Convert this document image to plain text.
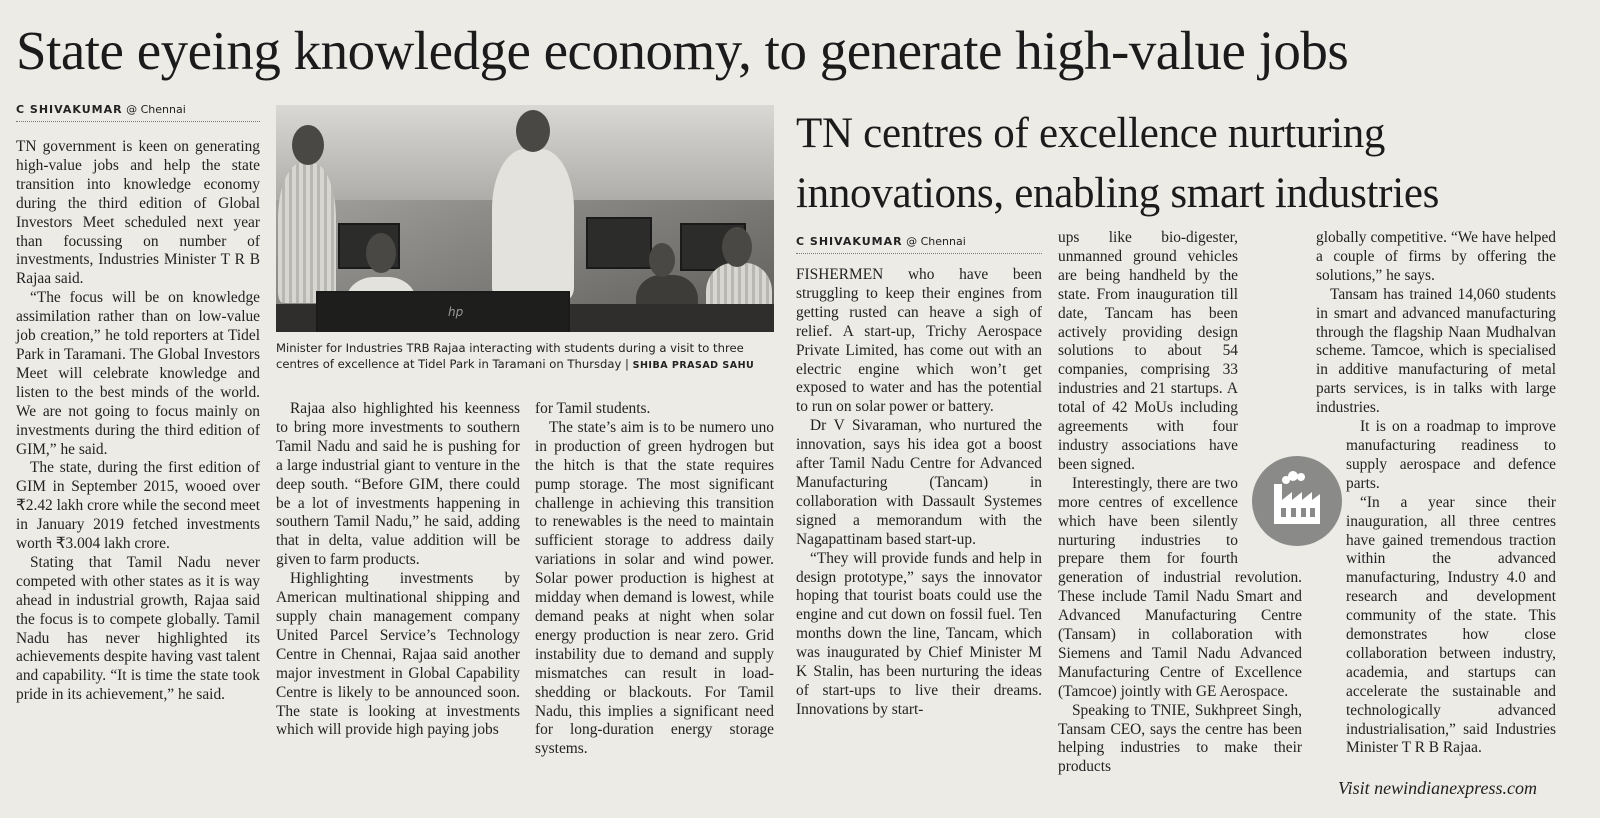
State eyeing knowledge economy, to generate high-value jobs
C SHIVAKUMAR @ Chennai

TN government is keen on generating high-value jobs and help the state transition into knowledge economy during the third edition of Global Investors Meet scheduled next year than focussing on number of investments, Industries Minister T R B Rajaa said.

“The focus will be on knowledge assimilation rather than on low-value job creation,” he told reporters at Tidel Park in Taramani. The Global Investors Meet will celebrate knowledge and listen to the best minds of the world. We are not going to focus mainly on investments during the third edition of GIM,” he said.

The state, during the first edition of GIM in September 2015, wooed over ₹2.42 lakh crore while the second meet in January 2019 fetched investments worth ₹3.004 lakh crore.

Stating that Tamil Nadu never competed with other states as it is way ahead in industrial growth, Rajaa said the focus is to compete globally. Tamil Nadu has never highlighted its achievements despite having vast talent and capability. “It is time the state took pride in its achievement,” he said.

hp
Minister for Industries TRB Rajaa interacting with students during a visit to three centres of excellence at Tidel Park in Taramani on Thursday | SHIBA PRASAD SAHU

Rajaa also highlighted his keenness to bring more investments to southern Tamil Nadu and said he is pushing for a large industrial giant to venture in the deep south. “Before GIM, there could be a lot of investments happening in southern Tamil Nadu,” he said, adding that in delta, value addition will be given to farm products.

Highlighting investments by American multinational shipping and supply chain management company United Parcel Service’s Technology Centre in Chennai, Rajaa said another major investment in Global Capability Centre is likely to be announced soon. The state is looking at investments which will provide high paying jobs

for Tamil students.

The state’s aim is to be numero uno in production of green hydrogen but the hitch is that the state requires pump storage. The most significant challenge in achieving this transition to renewables is the need to maintain sufficient storage to address daily variations in solar and wind power. Solar power production is highest at midday when demand is lowest, while demand peaks at night when solar energy production is near zero. Grid instability due to demand and supply mismatches can result in load-shedding or blackouts. For Tamil Nadu, this implies a significant need for long-duration energy storage systems.

TN centres of excellence nurturing
innovations, enabling smart industries
C SHIVAKUMAR @ Chennai

FISHERMEN who have been struggling to keep their engines from getting rusted can heave a sigh of relief. A start-up, Trichy Aerospace Private Limited, has come out with an electric engine which won’t get exposed to water and has the potential to run on solar power or battery.

Dr V Sivaraman, who nurtured the innovation, says his idea got a boost after Tamil Nadu Centre for Advanced Manufacturing (Tancam) in collaboration with Dassault Systemes signed a memorandum with the Nagapattinam based start-up.

“They will provide funds and help in design prototype,” says the innovator hoping that tourist boats could use the engine and cut down on fossil fuel. Ten months down the line, Tancam, which was inaugurated by Chief Minister M K Stalin, has been nurturing the ideas of start-ups to live their dreams. Innovations by start-

ups like bio-digester, unmanned ground vehicles are being handheld by the state. From inauguration till date, Tancam has been actively providing design solutions to about 54 companies, comprising 33 industries and 21 startups. A total of 42 MoUs including agreements with four industry associations have been signed.

Interestingly, there are two more centres of excellence which have been silently nurturing industries to prepare them for fourth generation of industrial revolution. These include Tamil Nadu Smart and Advanced Manufacturing Centre (Tansam) in collaboration with Siemens and Tamil Nadu Advanced Manufacturing Centre of Excellence (Tamcoe) jointly with GE Aerospace.

Speaking to TNIE, Sukhpreet Singh, Tansam CEO, says the centre has been helping industries to make their products

globally competitive. “We have helped a couple of firms by offering the solutions,” he says.

Tansam has trained 14,060 students in smart and advanced manufacturing through the flagship Naan Mudhalvan scheme. Tamcoe, which is specialised in additive manufacturing of metal parts services, is in talks with large industries.

It is on a roadmap to improve manufacturing readiness to supply aerospace and defence parts.

“In a year since their inauguration, all three centres have gained tremendous traction within the advanced manufacturing, Industry 4.0 and research and development community of the state. This demonstrates how close collaboration between industry, academia, and startups can accelerate the sustainable and technologically advanced industrialisation,” said Industries Minister T R B Rajaa.

Visit newindianexpress.com
